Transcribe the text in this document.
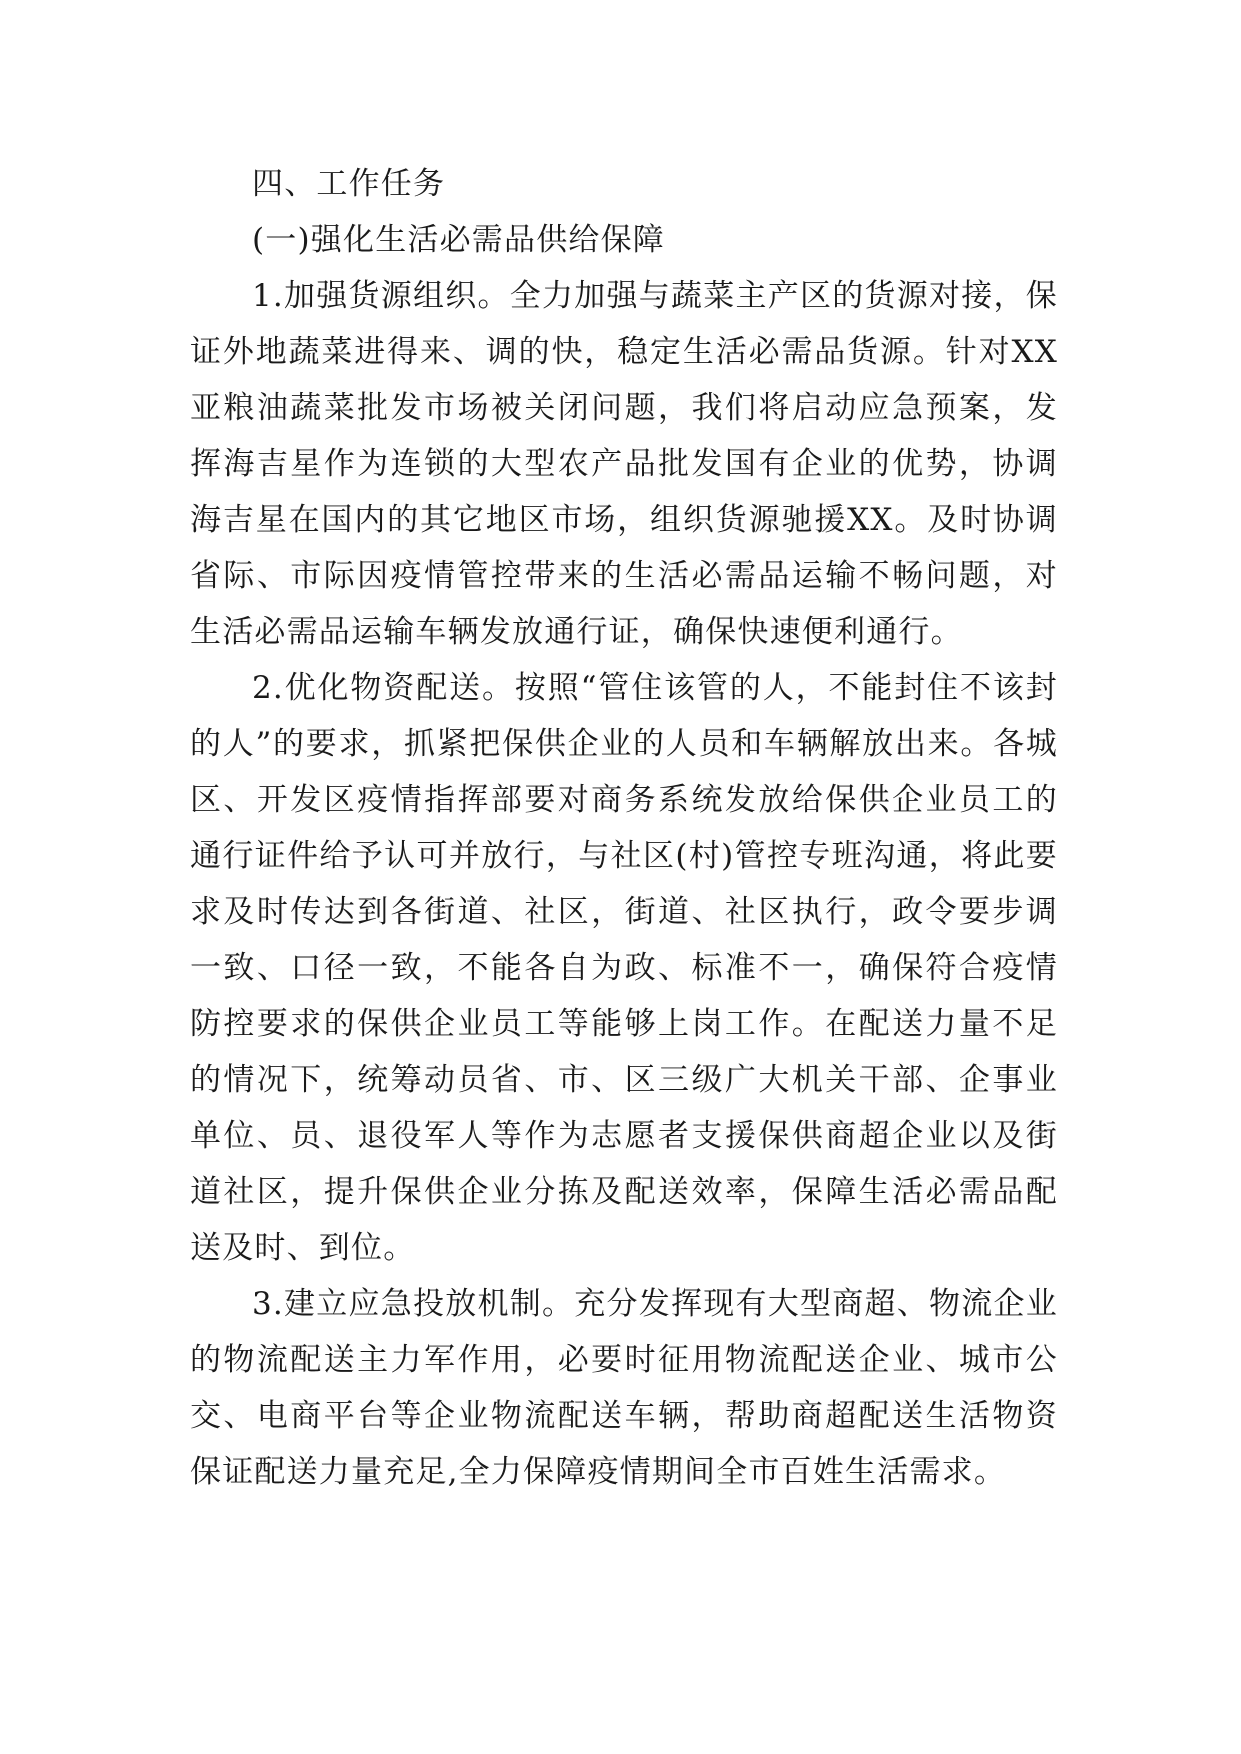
四、工作任务

(一)强化生活必需品供给保障

1.加强货源组织。全力加强与蔬菜主产区的货源对接，保证外地蔬菜进得来、调的快，稳定生活必需品货源。针对XX亚粮油蔬菜批发市场被关闭问题，我们将启动应急预案，发挥海吉星作为连锁的大型农产品批发国有企业的优势，协调海吉星在国内的其它地区市场，组织货源驰援XX。及时协调省际、市际因疫情管控带来的生活必需品运输不畅问题，对生活必需品运输车辆发放通行证，确保快速便利通行。

2.优化物资配送。按照“管住该管的人，不能封住不该封的人”的要求，抓紧把保供企业的人员和车辆解放出来。各城区、开发区疫情指挥部要对商务系统发放给保供企业员工的通行证件给予认可并放行，与社区(村)管控专班沟通，将此要求及时传达到各街道、社区，街道、社区执行，政令要步调一致、口径一致，不能各自为政、标准不一，确保符合疫情防控要求的保供企业员工等能够上岗工作。在配送力量不足的情况下，统筹动员省、市、区三级广大机关干部、企事业单位、员、退役军人等作为志愿者支援保供商超企业以及街道社区，提升保供企业分拣及配送效率，保障生活必需品配送及时、到位。

3.建立应急投放机制。充分发挥现有大型商超、物流企业的物流配送主力军作用，必要时征用物流配送企业、城市公交、电商平台等企业物流配送车辆，帮助商超配送生活物资保证配送力量充足,全力保障疫情期间全市百姓生活需求。
